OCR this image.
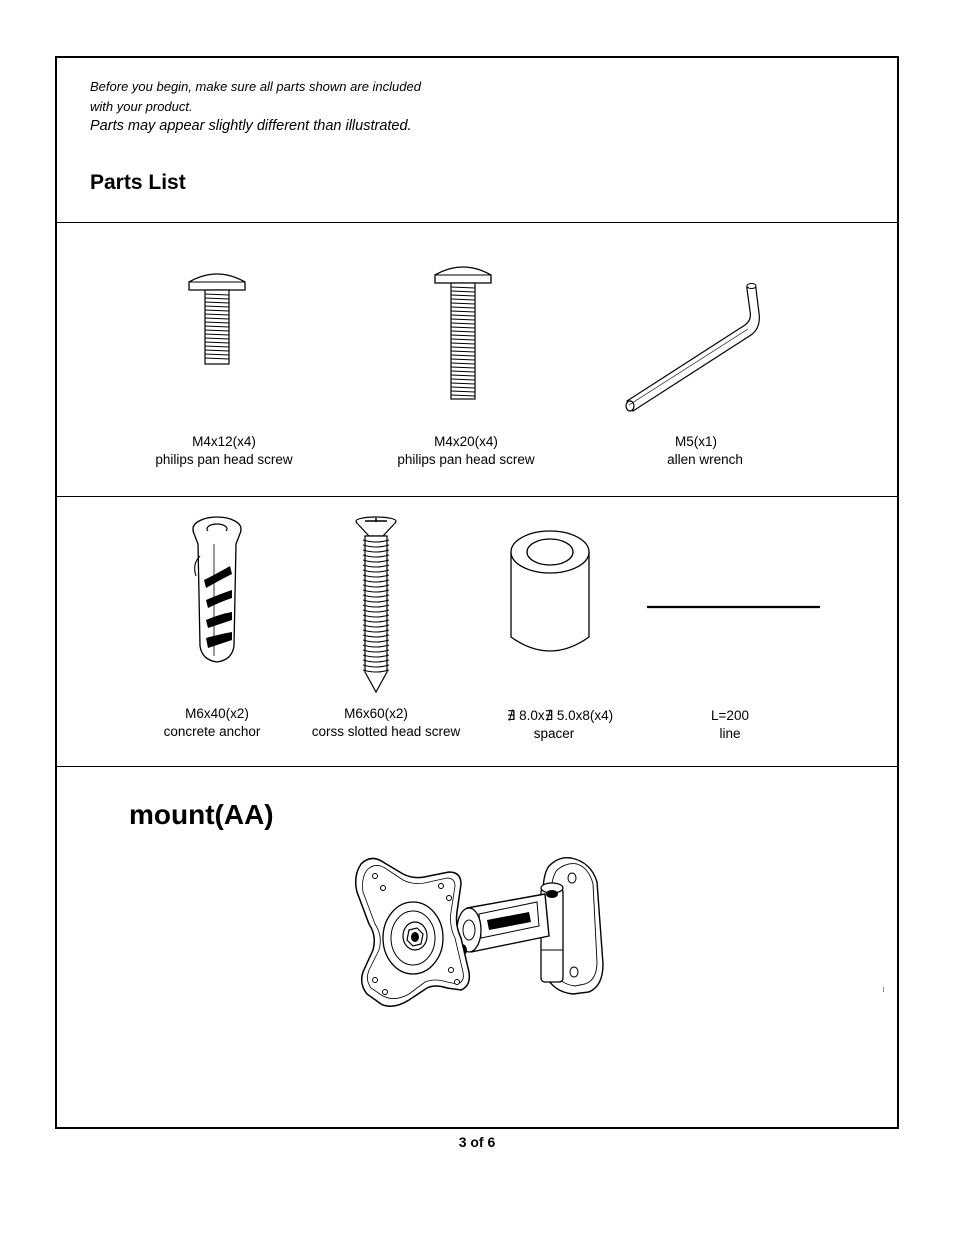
Before you begin, make sure all parts shown are included
with your product.
Parts may appear slightly different than illustrated.
Parts List
M4x12(x4)
philips pan head screw
M4x20(x4)
philips pan head screw
M5(x1)
allen wrench
M6x40(x2)
concrete anchor
M6x60(x2)
corss slotted head screw
∄ 8.0x∄ 5.0x8(x4)
spacer
L=200
line
mount(AA)
3 of 6
